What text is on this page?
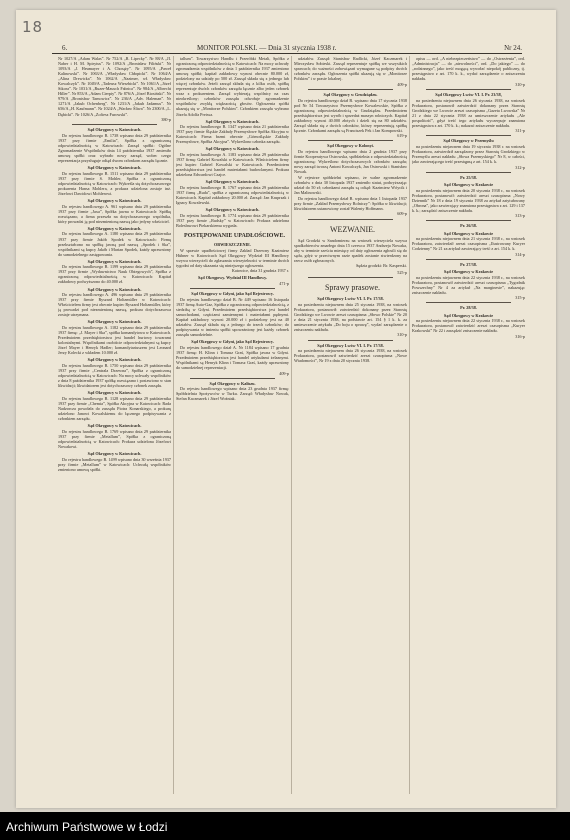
18
6.	MONITOR POLSKI. — Dnia 31 stycznia 1938 r.	Nr 24.

Nr 1027/A „Adam Walas”. Nr 752/A „R. Lipecky”. Nr 88/A „JI. Naber i H. M. Spirytus”. Nr 1092/A „Bronisław Filiński”. Nr 1093/A „J. Heumayer i A. Chorąży”. Nr 1095/A „Paweł Kalinowski”. Nr 1063/A „Władysław Chłopicki”. Nr 1064/A „Alina Drewicka”. Nr 1062/A „Nazimer, wł. Władysław Kowalczyk”. Nr 1049/A „Tadeusz Wierzbicki”. Nr 1061/A „Józef Sikora”. Nr 1031/A „Ruzer-Mausch Fabrica”. Nr 984/A „Albrecht Hiller”. Nr 853/A „Adam Cierpiy”. Nr 876/A „Józef Biosiński”. Nr 979/A „Bronisław Tarnowicz”. Nr 236/A „Adv. Haleman”. Nr 1271/A „Jakub Ochenberg”. Nr 1231/A „Jakub Jadamus”. Nr 656/A „H. Kaufmann”. Nr 1024/A „Wacław Śliwa”. Nr 2300/A „L. Dębicki”. Nr 1026/A „Zofiesz Furowski”.

380-p

Sąd Okręgowy w Katowicach.

Do rejestru handlowego B. 1738 wpisano dnia 29 października 1937 przy firmie „Emilia”, Spółka z ograniczoną odpowiedzialnością w Katowicach: Zarząd spółki: Ogólne Zgromadzenie Wspólników dnia 14 października 1937 zmieniło umowę spółki oraz wybrało nowy zarząd, wobec czego reprezentacja przysługuje odtąd dwom członkom zarządu łącznie.

Sąd Okręgowy w Katowicach.

Do rejestru handlowego B. 1511 wpisano dnia 29 października 1937 przy firmie S. Mohler, Spółka z ograniczoną odpowiedzialnością w Katowicach: Wykreśla się dotychczasowego prokurenta Hansa Mohlera, a prokura udzielona zostaje inż. Józefowi Dawidowi Mohlerowi.

Sąd Okręgowy w Katowicach.

Do rejestru handlowego A. 961 wpisano dnia 29 października 1937 przy firmie „Jaxa”, Spółka jawna w Katowicach: Spółkę rozwiązano, a firma przeszła na dotychczasowego wspólnika, który prowadzi ją pod niezmienioną nazwą jako jedyny właściciel.

Sąd Okręgowy w Katowicach.

Do rejestru handlowego A. 1180 wpisano dnia 29 października 1937 przy firmie Jakób Spodek w Katowicach: Firmę przekształcono na spółkę jawną pod nazwą „Spodek i Ska”, wspólnikami są kupcy Jakób i Marian Spodek, każdy uprawniony do samodzielnego zastępowania.

Sąd Okręgowy w Katowicach.

Do rejestru handlowego B. 1199 wpisano dnia 29 października 1937 przy firmie „Wydawnictwo Nauk Obiegowych”, Spółka z ograniczoną odpowiedzialnością w Katowicach: Kapitał zakładowy podwyższono do 40.000 zł.

Sąd Okręgowy w Katowicach.

Do rejestru handlowego A. 496 wpisano dnia 29 października 1937 przy firmie Ryszard Holtzmüller w Katowicach: Właścicielem firmy jest obecnie kupiec Ryszard Holtzmüller, który ją prowadzi pod niezmienioną nazwą, prokura dotychczasowa zostaje utrzymana.

Sąd Okręgowy w Katowicach.

Do rejestru handlowego A. 1182 wpisano dnia 29 października 1937 firmę: „J. Mayer i Ska”, spółka komandytowa w Katowicach. Przedmiotem przedsiębiorstwa jest handel hurtowy towarami kolonialnymi. Wspólnikami osobiście odpowiedzialnymi są kupcy Józef Mayer i Henryk Hadler; komandytariuszem jest Leonard Jerzy Kolecki z wkładem 10.000 zł.

Sąd Okręgowy w Katowicach.

Do rejestru handlowego B. 1750 wpisano dnia 29 października 1937 przy firmie „Centrala Drzewna”, Spółka z ograniczoną odpowiedzialnością w Katowicach: Na mocy uchwały wspólników z dnia 8 października 1937 spółkę rozwiązano i postawiono w stan likwidacji; likwidatorem jest dotychczasowy członek zarządu.

Sąd Okręgowy w Katowicach.

Do rejestru handlowego B. 1128 wpisano dnia 29 października 1937 przy firmie „Chemia”, Spółka Akcyjna w Katowicach: Rada Nadzorcza powołała do zarządu Piotra Konarskiego, a prokurę udzielono Janowi Kowalskiemu do łącznego podpisywania z członkiem zarządu.

Sąd Okręgowy w Katowicach.

Do rejestru handlowego B. 1769 wpisano dnia 29 października 1937 przy firmie „Metallum”, Spółka z ograniczoną odpowiedzialnością w Katowicach: Prokura udzielona Józefowi Nowakowi.

Sąd Okręgowy w Katowicach.

Do rejestru handlowego B. 1499 wpisano dnia 30 września 1937 przy firmie „Metallum” w Katowicach: Uchwałą wspólników zmieniono umowę spółki.

tallum”. Towarzystwo Handlu i Przeróbki Metali, Spółka z ograniczoną odpowiedzialnością w Katowicach: Na mocy uchwały zgromadzenia wspólników z dnia 1 października 1937 zmieniono umowę spółki; kapitał zakładowy wynosi obecnie 80.000 zł, podzielony na udziały po 500 zł. Zarząd składa się z jednego lub więcej członków. Jeżeli zarząd składa się z kilku osób, spółkę reprezentuje dwóch członków zarządu łącznie albo jeden członek wraz z prokurentem. Zarząd wybierają wspólnicy na czas nieokreślony; członków zarządu odwołuje zgromadzenie wspólników zwykłą większością głosów. Ogłoszenia spółki ukazują się w „Monitorze Polskim”. Członkiem zarządu wybrano Józefa Adolfa Preissa.

Sąd Okręgowy w Katowicach.

Do rejestru handlowego B. 1347 wpisano dnia 21 października 1937 przy firmie Śląskie Zakłady Przemysłowe Spółka Akcyjna w Katowicach: Firma brzmi obecnie „Górnośląskie Zakłady Przemysłowe, Spółka Akcyjna”. Wykreślono członka zarządu.

Sąd Okręgowy w Katowicach.

Do rejestru handlowego A. 1183 wpisano dnia 29 października 1937 firmę: Gabriel Kowalski w Katowicach. Właścicielem firmy jest kupiec Gabriel Kowalski w Katowicach. Przedmiotem przedsiębiorstwa jest handel materiałami budowlanymi. Prokura udzielona Edwardowi Czajce.

Sąd Okręgowy w Katowicach.

Do rejestru handlowego B. 1767 wpisano dnia 29 października 1937 firmę „Ruda”, spółka z ograniczoną odpowiedzialnością w Katowicach. Kapitał zakładowy 20.000 zł. Zarząd: Jan Kasprzak i Ignacy Kowalewski.

Sąd Okręgowy w Katowicach.

Do rejestru handlowego B. 1774 wpisano dnia 29 października 1937 przy firmie „Rudsky” w Katowicach: Prokura udzielona Bolesławowi Piekarskiemu wygasła.

POSTĘPOWANIE UPADŁOŚCIOWE.

OBWIESZCZENIE.

W sprawie upadłościowej firmy Zakład Drzewny Kazimierz Hübner w Katowicach Sąd Okręgowy Wydział III Handlowy wzywa wierzycieli do zgłaszania wierzytelności w terminie dwóch tygodni od daty ukazania się niniejszego ogłoszenia.

Katowice, dnia 31 grudnia 1937 r.

Sąd Okręgowy. Wydział III Handlowy.

471-p

Sąd Okręgowy w Gdyni, jako Sąd Rejestrowy.

Do rejestru handlowego dział B. Nr 449 wpisano 16 listopada 1937 firmę Auto-Gaz, Spółka z ograniczoną odpowiedzialnością, z siedzibą w Gdyni. Przedmiotem przedsiębiorstwa jest handel samochodami, częściami zamiennymi i materiałami pędnymi. Kapitał zakładowy wynosi 20.000 zł i podzielony jest na 40 udziałów. Zarząd składa się z jednego do trzech członków; do podpisywania w imieniu spółki upoważniony jest każdy członek zarządu samodzielnie.

Sąd Okręgowy w Gdyni, jako Sąd Rejestrowy.

Do rejestru handlowego dział A. Nr 1184 wpisano 17 grudnia 1937 firmę: H. Klinn i Tomasz Graś, Spółka jawna w Gdyni. Przedmiotem przedsiębiorstwa jest handel artykułami żelaznymi. Wspólnikami są Henryk Klinn i Tomasz Graś, każdy uprawniony do samodzielnej reprezentacji.

409-p

Sąd Okręgowy w Kaliszu.

Do rejestru handlowego wpisano dnia 23 grudnia 1937 firmę: Spółdzielnia Spożywców w Turku. Zarząd: Władysław Nowak, Stefan Kaczmarek i Józef Woźniak.

udziałów. Zarząd: Stanisław Radlicki, Józef Kaczmarek i Mieczysław Sobieski. Zarząd reprezentuje spółkę we wszystkich sprawach; do ważności zobowiązań wymagane są podpisy dwóch członków zarządu. Ogłoszenia spółki ukazują się w „Monitorze Polskim” i w prasie lokalnej.

409-p

Sąd Okręgowy w Grudziądzu.

Do rejestru handlowego dział B. wpisano dnia 17 stycznia 1938 pod Nr 54 Towarzystwo Przemysłowe Kowalewskie, Spółka z ograniczoną odpowiedzialnością w Grudziądzu. Przedmiotem przedsiębiorstwa jest wyrób i sprzedaż maszyn rolniczych. Kapitał zakładowy wynosi 40.000 złotych i dzieli się na 80 udziałów. Zarząd składa się z dwóch członków, którzy reprezentują spółkę łącznie. Członkami zarządu są Franciszek Pek i Jan Kompowski.

619-p

Sąd Okręgowy w Kolonyi.

Do rejestru handlowego wpisano dnia 2 grudnia 1937 przy firmie Kooperatywa Ostrowska, spółdzielnia z odpowiedzialnością ograniczoną: Wykreślono dotychczasowych członków zarządu; nowy zarząd tworzą Antoni Kowalczyk, Jan Ostrowski i Stanisław Nowak.

W rejestrze spółdzielni wpisano, że walne zgromadzenie członków z dnia 30 listopada 1937 zmieniło statut, podwyższając udział do 50 zł; członkami zarządu są odtąd: Kazimierz Wóycik i Jan Malinowski.

Do rejestru handlowego dział B. wpisano dnia 1 listopada 1937 przy firmie „Zakład Przemysłowy Rolniczy”: Spółka w likwidacji; likwidatorem ustanowiony został Walenty Hoffmann.

609-p

WEZWANIE.

Sąd Grodzki w Sandomierzu na wniosek wierzyciela wzywa spadkobierców zmarłego dnia 15 czerwca 1937 Andrzeja Nowaka, aby w terminie sześciu miesięcy od daty ogłoszenia zgłosili się do sądu, gdyż w przeciwnym razie spadek zostanie stwierdzony na rzecz osób zgłoszonych.

Sędzia grodzki: Br. Kasperski.

525-p

Sprawy prasowe.

Sąd Okręgowy Lwów VI. I. Pr. 17/38.

na posiedzeniu niejawnem dnia 25 stycznia 1938, na wniosek Prokuratora, postanowił: zatwierdzić dokonany przez Starostę Grodzkiego we Lwowie areszt czasopisma „Słowo Polskie” Nr 20 z dnia 21 stycznia 1938, na podstawie art. 154 § 1 k. k. za umieszczenie artykułu „Do boju o sprawę”, wydać zarządzenie o zniszczeniu nakładu.

310-p

Sąd Okręgowy Lwów VI. I. Pr. 17/38.

na posiedzeniu niejawnem dnia 26 stycznia 1938, na wniosek Prokuratora, postanowił zatwierdzić areszt czasopisma „Nowe Wiadomości”, Nr 19 z dnia 20 stycznia 1938.

opisu — ord. „A niebezpieczeństwo” — do „Ostrzeżenia”, ord. „Administracja” — do „niewolności”, ord. „Do jakiego” — do „rodzinnego”, jako treść mogącą wywołać niepokój publiczny, tj. przestępstwo z art. 170 k. k., wydać zarządzenie o zniszczeniu nakładu.

310-p

Sąd Okręgowy Lwów VI. I. Pr. 23/38,

na posiedzeniu niejawnem dnia 26 stycznia 1938, na wniosek Prokuratora, postanowił zatwierdzić dokonany przez Starostę Grodzkiego we Lwowie areszt czasopisma „Gazeta Lwowska” Nr 21 z dnia 22 stycznia 1938 za umieszczenie artykułu „Ale pospolitość”, gdyż treść tego artykułu wyczerpuje znamiona przestępstwa z art. 170 k. k.; nakazać zniszczenie nakładu.

311-p

Sąd Okręgowy w Przemyślu

na posiedzeniu niejawnem dnia 19 stycznia 1938 r. na wniosek Prokuratora, zatwierdził zarządzony przez Starostę Grodzkiego w Przemyślu areszt nakładu „Słowa Przemyskiego” Nr 8, w całości, jako zawierającego treść przestępną z art. 154 k. k.

312-p

Pr. 25/38.

Sąd Okręgowy w Krakowie

na posiedzeniu niejawnem dnia 20 stycznia 1938 r., na wniosek Prokuratora, postanowił: zatwierdzić areszt czasopisma „Nowy Dziennik” Nr 18 z dnia 19 stycznia 1938 za artykuł zatytułowany „Obrona”, jako zawierający znamiona przestępstwa z art. 129 i 137 k. k.; zarządzić zniszczenie nakładu.

313-p

Pr. 26/38.

Sąd Okręgowy w Krakowie

na posiedzeniu niejawnem dnia 21 stycznia 1938 r., na wniosek Prokuratora, zatwierdził areszt czasopisma „Ilustrowany Kuryer Codzienny” Nr 21 za artykuł zawierający treść z art. 154 k. k.

314-p

Pr. 27/38.

Sąd Okręgowy w Krakowie

na posiedzeniu niejawnem dnia 22 stycznia 1938 r., na wniosek Prokuratora, postanowił zatwierdzić areszt czasopisma „Tygodnik Powszechny” Nr 4 za artykuł „Na marginesie”, nakazując zniszczenie nakładu.

315-p

Pr. 28/38.

Sąd Okręgowy w Krakowie

na posiedzeniu niejawnem dnia 22 stycznia 1938 r., na wniosek Prokuratora, postanowił zatwierdzić areszt czasopisma „Kuryer Krakowski” Nr 22 i zarządzić zniszczenie nakładu.

316-p

Archiwum Państwowe w Łodzi
